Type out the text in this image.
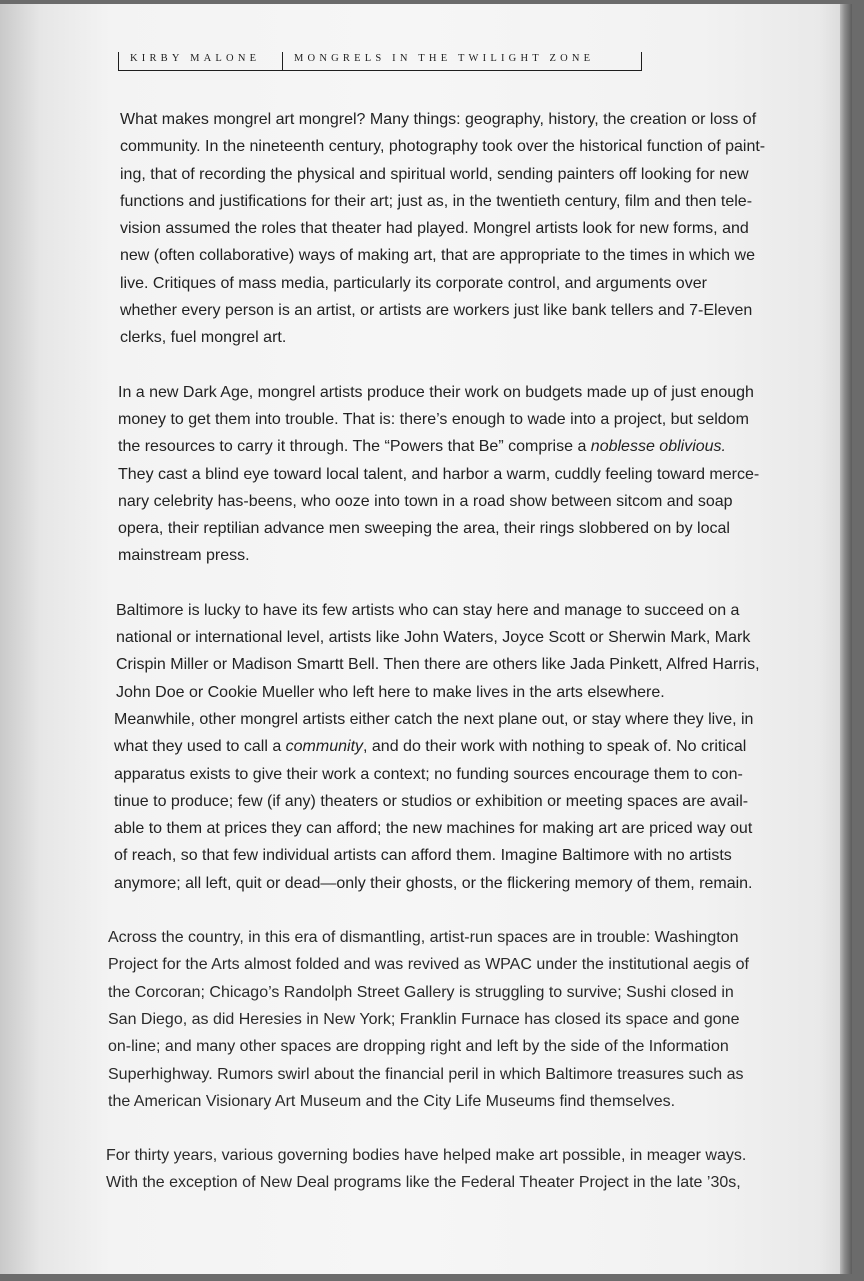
KIRBY MALONE	MONGRELS IN THE TWILIGHT ZONE
What makes mongrel art mongrel? Many things: geography, history, the creation or loss of
community. In the nineteenth century, photography took over the historical function of paint-
ing, that of recording the physical and spiritual world, sending painters off looking for new
functions and justifications for their art; just as, in the twentieth century, film and then tele-
vision assumed the roles that theater had played. Mongrel artists look for new forms, and
new (often collaborative) ways of making art, that are appropriate to the times in which we
live. Critiques of mass media, particularly its corporate control, and arguments over
whether every person is an artist, or artists are workers just like bank tellers and 7-Eleven
clerks, fuel mongrel art.
In a new Dark Age, mongrel artists produce their work on budgets made up of just enough
money to get them into trouble. That is: there’s enough to wade into a project, but seldom
the resources to carry it through. The “Powers that Be” comprise a noblesse oblivious.
They cast a blind eye toward local talent, and harbor a warm, cuddly feeling toward merce-
nary celebrity has-beens, who ooze into town in a road show between sitcom and soap
opera, their reptilian advance men sweeping the area, their rings slobbered on by local
mainstream press.
Baltimore is lucky to have its few artists who can stay here and manage to succeed on a
national or international level, artists like John Waters, Joyce Scott or Sherwin Mark, Mark
Crispin Miller or Madison Smartt Bell. Then there are others like Jada Pinkett, Alfred Harris,
John Doe or Cookie Mueller who left here to make lives in the arts elsewhere.
Meanwhile, other mongrel artists either catch the next plane out, or stay where they live, in
what they used to call a community, and do their work with nothing to speak of. No critical
apparatus exists to give their work a context; no funding sources encourage them to con-
tinue to produce; few (if any) theaters or studios or exhibition or meeting spaces are avail-
able to them at prices they can afford; the new machines for making art are priced way out
of reach, so that few individual artists can afford them. Imagine Baltimore with no artists
anymore; all left, quit or dead—only their ghosts, or the flickering memory of them, remain.
Across the country, in this era of dismantling, artist-run spaces are in trouble: Washington
Project for the Arts almost folded and was revived as WPAC under the institutional aegis of
the Corcoran; Chicago’s Randolph Street Gallery is struggling to survive; Sushi closed in
San Diego, as did Heresies in New York; Franklin Furnace has closed its space and gone
on-line; and many other spaces are dropping right and left by the side of the Information
Superhighway. Rumors swirl about the financial peril in which Baltimore treasures such as
the American Visionary Art Museum and the City Life Museums find themselves.
For thirty years, various governing bodies have helped make art possible, in meager ways.
With the exception of New Deal programs like the Federal Theater Project in the late ’30s,
